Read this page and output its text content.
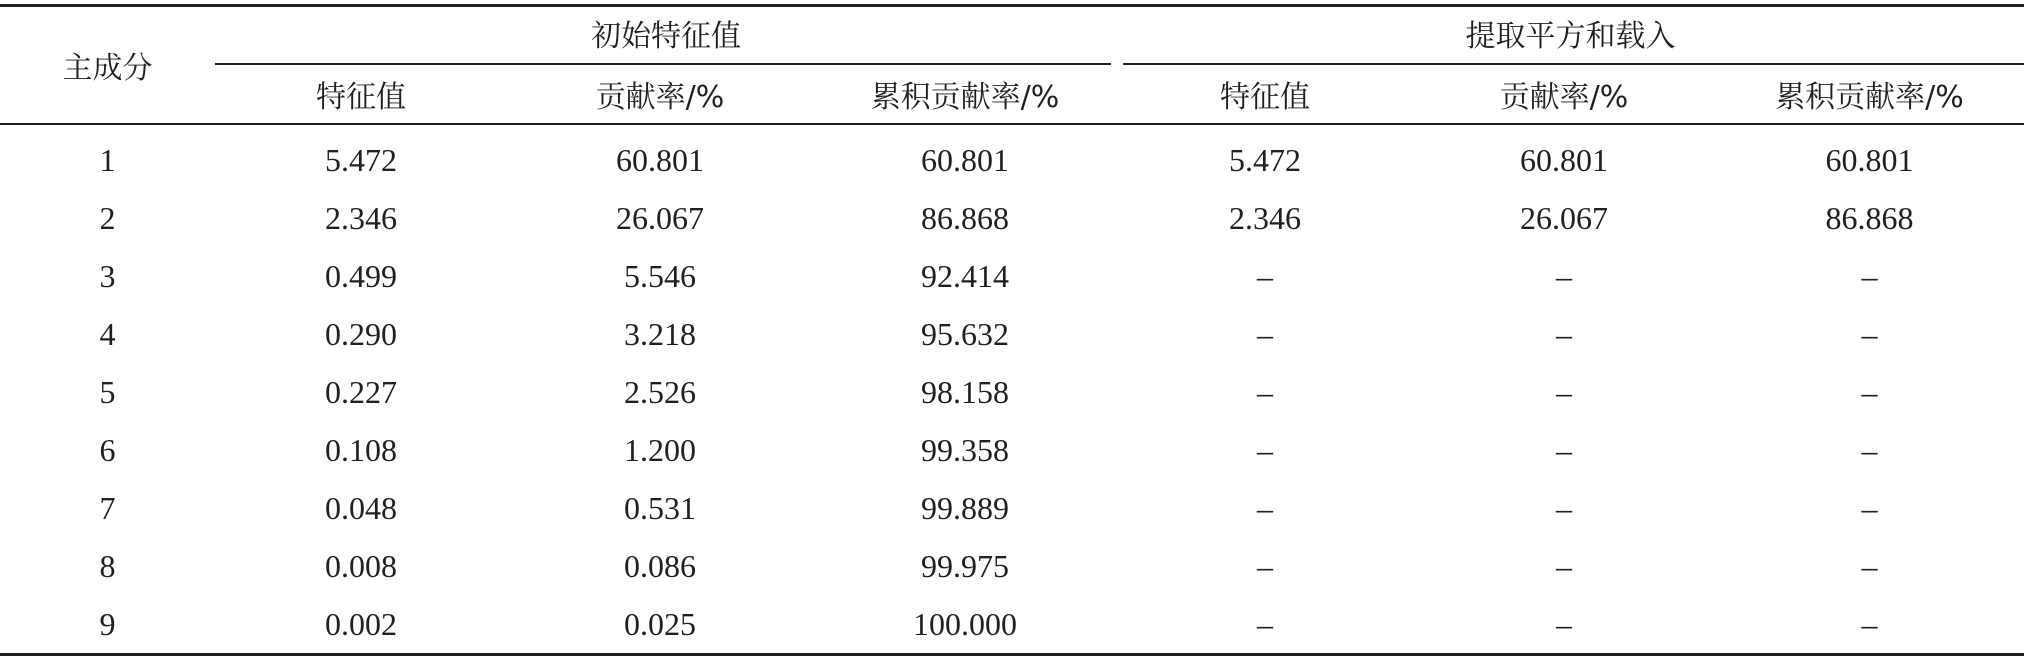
主成分	初始特征值			提取平方和载入		

	特征值	贡献率/%	累积贡献率/%	特征值	贡献率/%	累积贡献率/%
1	5.472	60.801	60.801	5.472	60.801	60.801
2	2.346	26.067	86.868	2.346	26.067	86.868
3	0.499	5.546	92.414	–	–	–
4	0.290	3.218	95.632	–	–	–
5	0.227	2.526	98.158	–	–	–
6	0.108	1.200	99.358	–	–	–
7	0.048	0.531	99.889	–	–	–
8	0.008	0.086	99.975	–	–	–
9	0.002	0.025	100.000	–	–	–
